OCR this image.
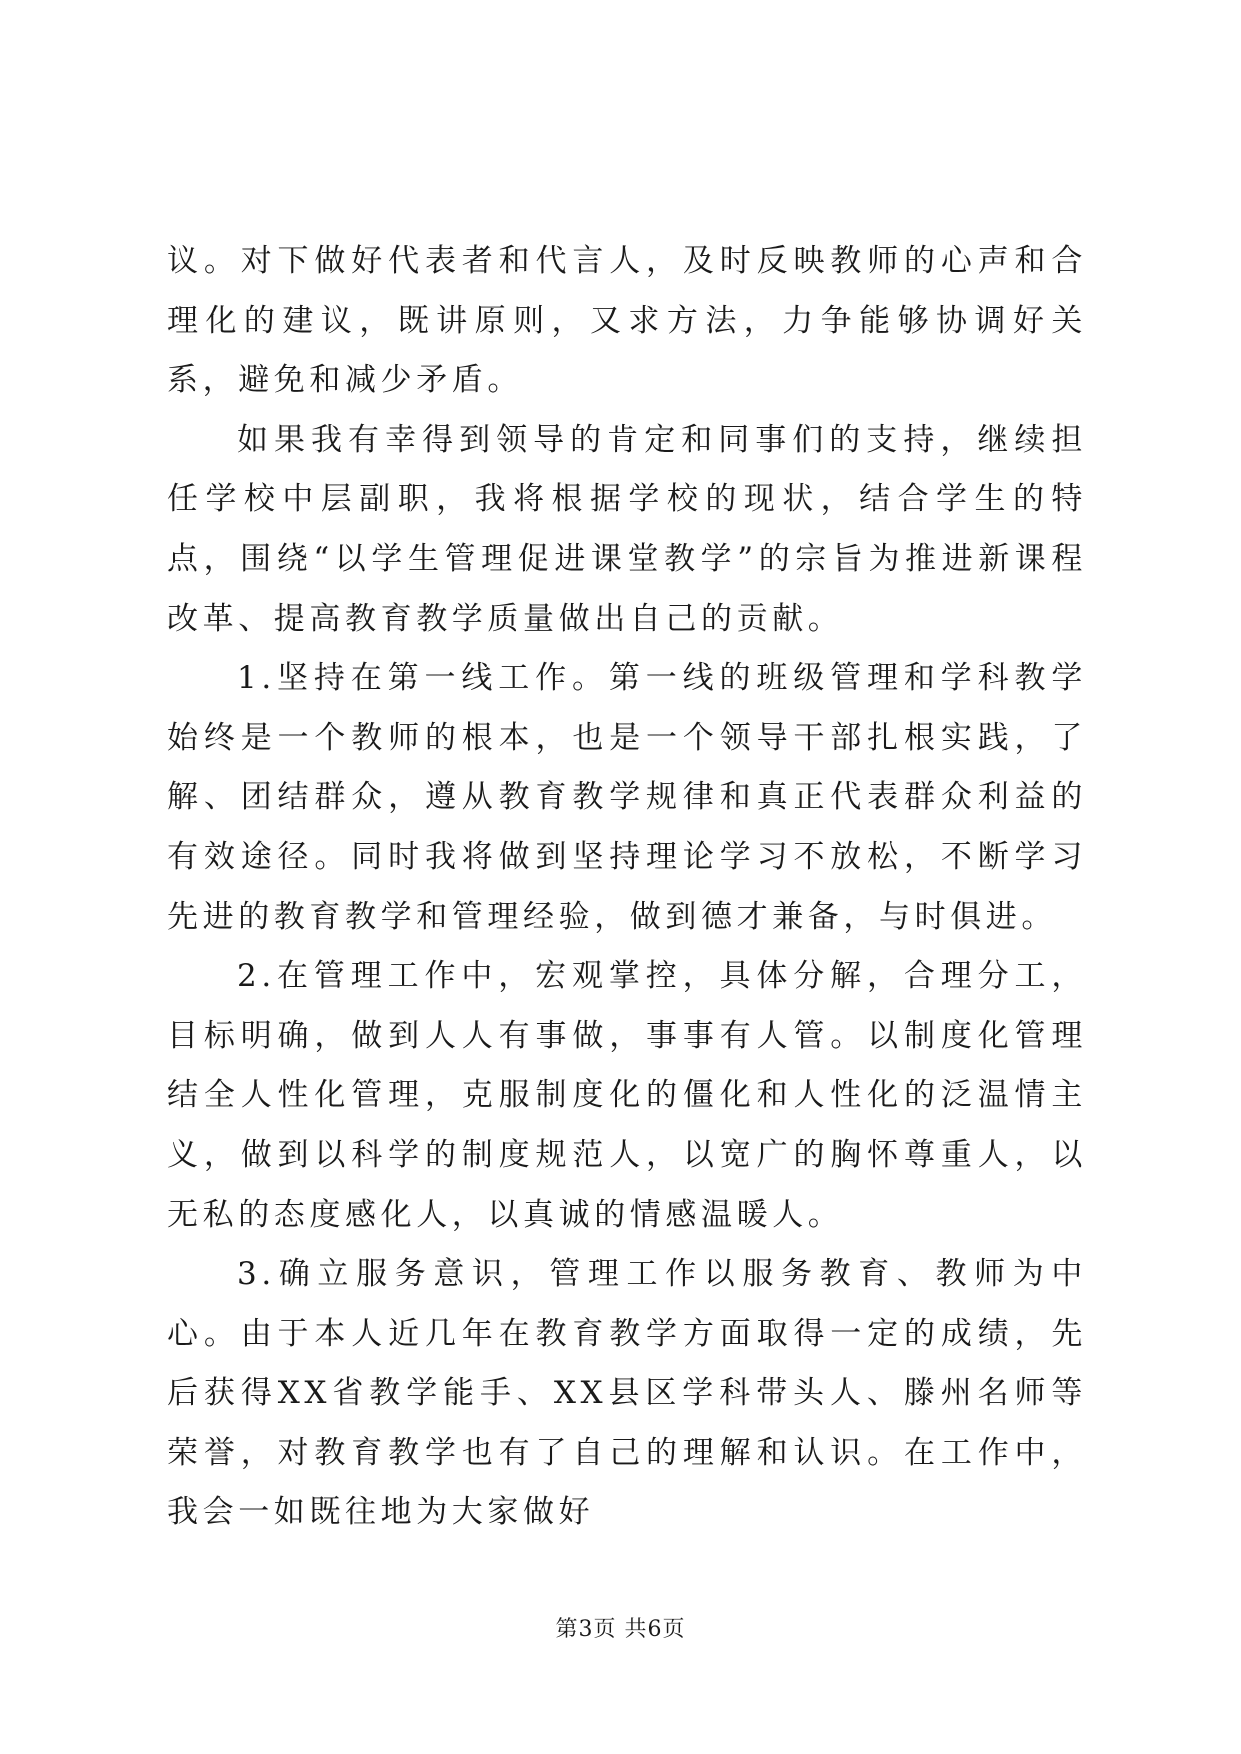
议。对下做好代表者和代言人，及时反映教师的心声和合理化的建议，既讲原则，又求方法，力争能够协调好关系，避免和减少矛盾。

如果我有幸得到领导的肯定和同事们的支持，继续担任学校中层副职，我将根据学校的现状，结合学生的特点，围绕“以学生管理促进课堂教学”的宗旨为推进新课程改革、提高教育教学质量做出自己的贡献。

1.坚持在第一线工作。第一线的班级管理和学科教学始终是一个教师的根本，也是一个领导干部扎根实践，了解、团结群众，遵从教育教学规律和真正代表群众利益的有效途径。同时我将做到坚持理论学习不放松，不断学习先进的教育教学和管理经验，做到德才兼备，与时俱进。

2.在管理工作中，宏观掌控，具体分解，合理分工，目标明确，做到人人有事做，事事有人管。以制度化管理结全人性化管理，克服制度化的僵化和人性化的泛温情主义，做到以科学的制度规范人，以宽广的胸怀尊重人，以无私的态度感化人，以真诚的情感温暖人。

3.确立服务意识，管理工作以服务教育、教师为中心。由于本人近几年在教育教学方面取得一定的成绩，先后获得XX省教学能手、XX县区学科带头人、滕州名师等荣誉，对教育教学也有了自己的理解和认识。在工作中，我会一如既往地为大家做好

第3页 共6页
